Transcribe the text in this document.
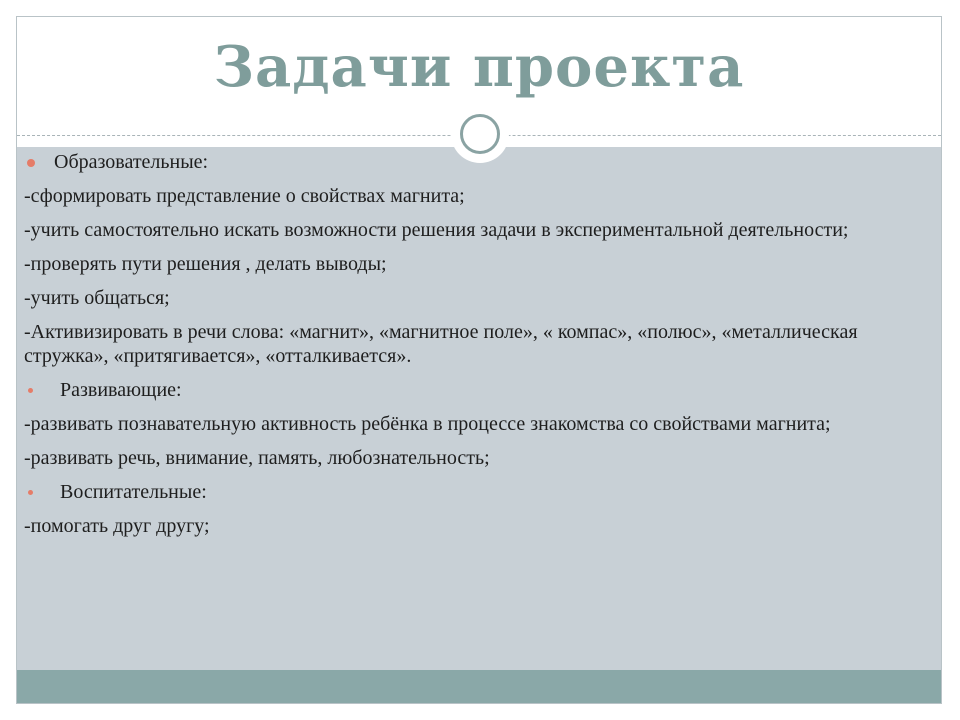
Задачи проекта
Образовательные:
-сформировать представление о свойствах магнита;
-учить самостоятельно искать возможности решения задачи в экспериментальной деятельности;
-проверять пути решения , делать выводы;
-учить общаться;
-Активизировать в речи слова: «магнит», «магнитное поле», « компас», «полюс», «металлическая стружка», «притягивается», «отталкивается».
Развивающие:
-развивать познавательную активность ребёнка в процессе знакомства со свойствами магнита;
-развивать речь, внимание, память, любознательность;
Воспитательные:
-помогать друг другу;
